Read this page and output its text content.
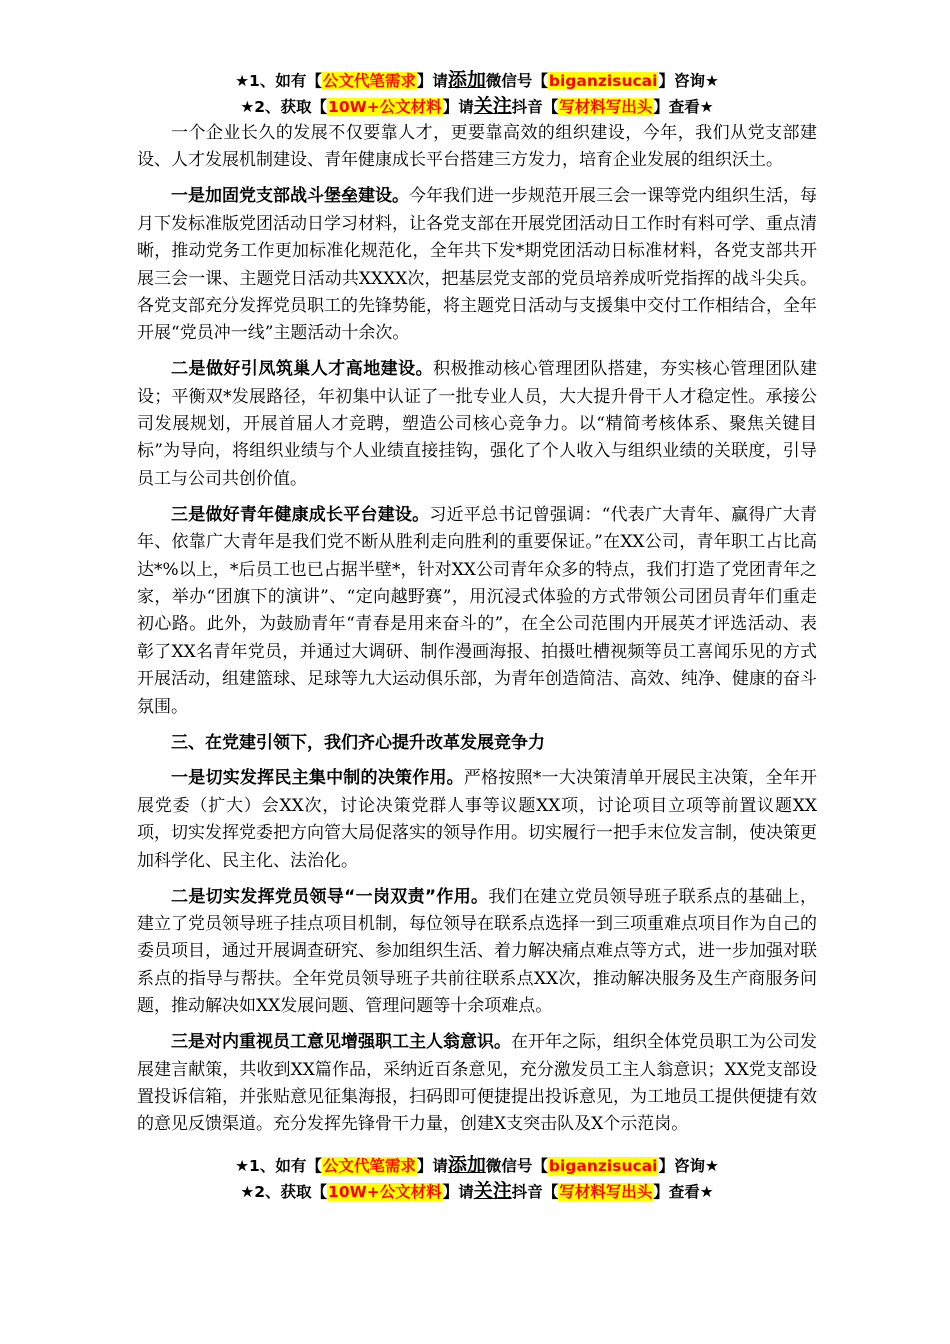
★1、如有【公文代笔需求】请添加微信号【biganzisucai】咨询★
★2、获取【10W+公文材料】请关注抖音【写材料写出头】查看★

一个企业长久的发展不仅要靠人才，更要靠高效的组织建设，今年，我们从党支部建设、人才发展机制建设、青年健康成长平台搭建三方发力，培育企业发展的组织沃土。

一是加固党支部战斗堡垒建设。今年我们进一步规范开展三会一课等党内组织生活，每月下发标准版党团活动日学习材料，让各党支部在开展党团活动日工作时有料可学、重点清晰，推动党务工作更加标准化规范化，全年共下发*期党团活动日标准材料，各党支部共开展三会一课、主题党日活动共XXXX次，把基层党支部的党员培养成听党指挥的战斗尖兵。各党支部充分发挥党员职工的先锋势能，将主题党日活动与支援集中交付工作相结合，全年开展“党员冲一线”主题活动十余次。

二是做好引凤筑巢人才高地建设。积极推动核心管理团队搭建，夯实核心管理团队建设；平衡双*发展路径，年初集中认证了一批专业人员，大大提升骨干人才稳定性。承接公司发展规划，开展首届人才竞聘，塑造公司核心竞争力。以“精简考核体系、聚焦关键目标”为导向，将组织业绩与个人业绩直接挂钩，强化了个人收入与组织业绩的关联度，引导员工与公司共创价值。

三是做好青年健康成长平台建设。习近平总书记曾强调：“代表广大青年、赢得广大青年、依靠广大青年是我们党不断从胜利走向胜利的重要保证。”在XX公司，青年职工占比高达*%以上，*后员工也已占据半壁*，针对XX公司青年众多的特点，我们打造了党团青年之家，举办“团旗下的演讲”、“定向越野赛”，用沉浸式体验的方式带领公司团员青年们重走初心路。此外，为鼓励青年“青春是用来奋斗的”，在全公司范围内开展英才评选活动、表彰了XX名青年党员，并通过大调研、制作漫画海报、拍摄吐槽视频等员工喜闻乐见的方式开展活动，组建篮球、足球等九大运动俱乐部，为青年创造简洁、高效、纯净、健康的奋斗氛围。

三、在党建引领下，我们齐心提升改革发展竞争力

一是切实发挥民主集中制的决策作用。严格按照*一大决策清单开展民主决策，全年开展党委（扩大）会XX次，讨论决策党群人事等议题XX项，讨论项目立项等前置议题XX项，切实发挥党委把方向管大局促落实的领导作用。切实履行一把手末位发言制，使决策更加科学化、民主化、法治化。

二是切实发挥党员领导“一岗双责”作用。我们在建立党员领导班子联系点的基础上，建立了党员领导班子挂点项目机制，每位领导在联系点选择一到三项重难点项目作为自己的委员项目，通过开展调查研究、参加组织生活、着力解决痛点难点等方式，进一步加强对联系点的指导与帮扶。全年党员领导班子共前往联系点XX次，推动解决服务及生产商服务问题，推动解决如XX发展问题、管理问题等十余项难点。

三是对内重视员工意见增强职工主人翁意识。在开年之际，组织全体党员职工为公司发展建言献策，共收到XX篇作品，采纳近百条意见，充分激发员工主人翁意识；XX党支部设置投诉信箱，并张贴意见征集海报，扫码即可便捷提出投诉意见，为工地员工提供便捷有效的意见反馈渠道。充分发挥先锋骨干力量，创建X支突击队及X个示范岗。

★1、如有【公文代笔需求】请添加微信号【biganzisucai】咨询★
★2、获取【10W+公文材料】请关注抖音【写材料写出头】查看★
